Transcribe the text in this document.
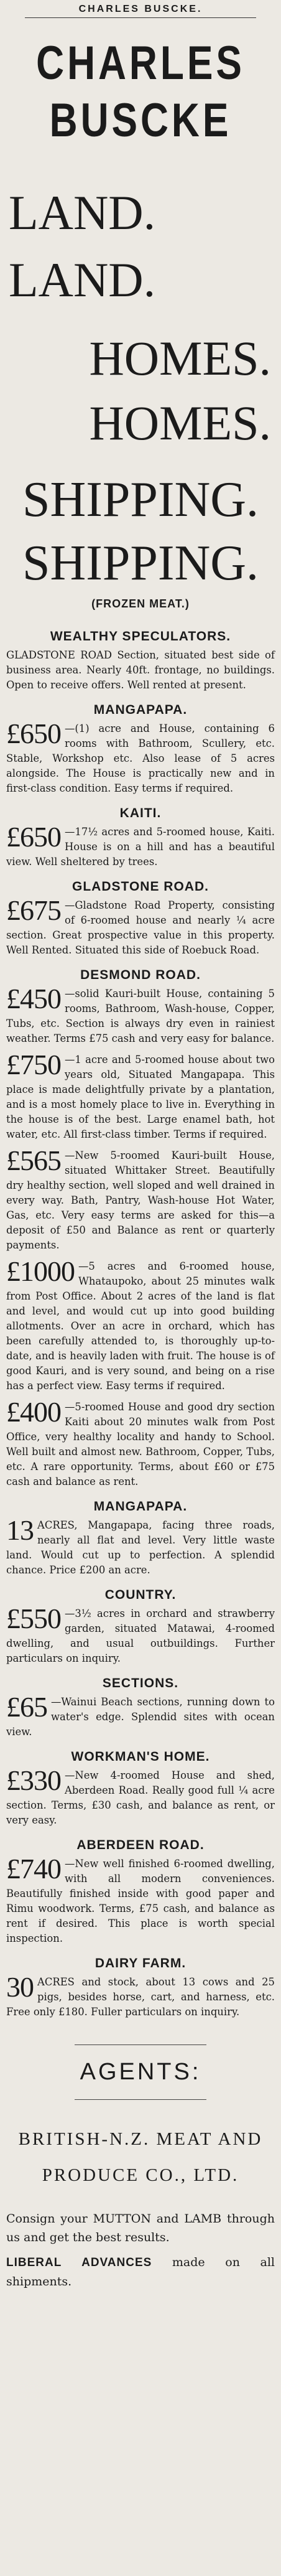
CHARLES BUSCKE.
CHARLES
BUSCKE
LAND.
LAND.
HOMES.
HOMES.
SHIPPING.
SHIPPING.
(FROZEN MEAT.)
WEALTHY SPECULATORS.
GLADSTONE ROAD Section, situated best side of business area. Nearly 40ft. frontage, no buildings. Open to receive offers. Well rented at present.
MANGAPAPA.
£650 —(1) acre and House, containing 6 rooms with Bathroom, Scullery, etc. Stable, Workshop etc. Also lease of 5 acres alongside. The House is practically new and in first-class condition. Easy terms if required.
KAITI.
£650 —17½ acres and 5-roomed house, Kaiti. House is on a hill and has a beautiful view. Well sheltered by trees.
GLADSTONE ROAD.
£675 —Gladstone Road Property, consisting of 6-roomed house and nearly ¼ acre section. Great prospective value in this property. Well Rented. Situated this side of Roebuck Road.
DESMOND ROAD.
£450 —solid Kauri-built House, containing 5 rooms, Bathroom, Wash-house, Copper, Tubs, etc. Section is always dry even in rainiest weather. Terms £75 cash and very easy for balance.
£750 —1 acre and 5-roomed house about two years old, Situated Mangapapa. This place is made delightfully private by a plantation, and is a most homely place to live in. Everything in the house is of the best. Large enamel bath, hot water, etc. All first-class timber. Terms if required.
£565 —New 5-roomed Kauri-built House, situated Whittaker Street. Beautifully dry healthy section, well sloped and well drained in every way. Bath, Pantry, Wash-house Hot Water, Gas, etc. Very easy terms are asked for this—a deposit of £50 and Balance as rent or quarterly payments.
£1000 —5 acres and 6-roomed house, Whataupoko, about 25 minutes walk from Post Office. About 2 acres of the land is flat and level, and would cut up into good building allotments. Over an acre in orchard, which has been carefully attended to, is thoroughly up-to-date, and is heavily laden with fruit. The house is of good Kauri, and is very sound, and being on a rise has a perfect view. Easy terms if required.
£400 —5-roomed House and good dry section Kaiti about 20 minutes walk from Post Office, very healthy locality and handy to School. Well built and almost new. Bathroom, Copper, Tubs, etc. A rare opportunity. Terms, about £60 or £75 cash and balance as rent.
MANGAPAPA.
13 ACRES, Mangapapa, facing three roads, nearly all flat and level. Very little waste land. Would cut up to perfection. A splendid chance. Price £200 an acre.
COUNTRY.
£550 —3½ acres in orchard and strawberry garden, situated Matawai, 4-roomed dwelling, and usual outbuildings. Further particulars on inquiry.
SECTIONS.
£65 —Wainui Beach sections, running down to water's edge. Splendid sites with ocean view.
WORKMAN'S HOME.
£330 —New 4-roomed House and shed, Aberdeen Road. Really good full ¼ acre section. Terms, £30 cash, and balance as rent, or very easy.
ABERDEEN ROAD.
£740 —New well finished 6-roomed dwelling, with all modern conveniences. Beautifully finished inside with good paper and Rimu woodwork. Terms, £75 cash, and balance as rent if desired. This place is worth special inspection.
DAIRY FARM.
30 ACRES and stock, about 13 cows and 25 pigs, besides horse, cart, and harness, etc. Free only £180. Fuller particulars on inquiry.
AGENTS:
BRITISH-N.Z. MEAT AND
PRODUCE CO., LTD.
Consign your MUTTON and LAMB through us and get the best results.
LIBERAL ADVANCES made on all shipments.
